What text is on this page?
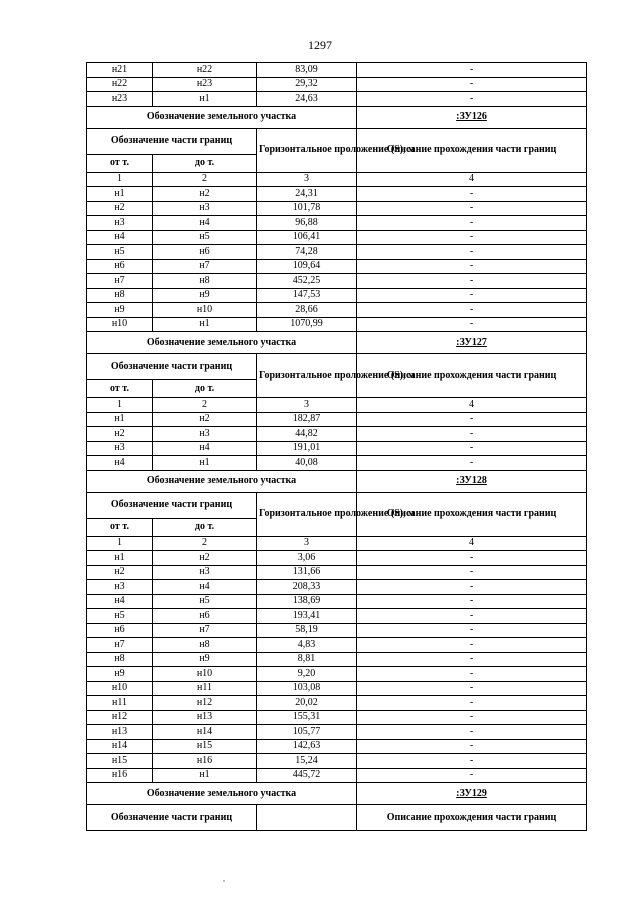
1297
н21	н22	83,09	-
н22	н23	29,32	-
н23	н1	24,63	-
Обозначение земельного участка			:ЗУ126
Обозначение части границ		Горизонтальное проложение (S), м	Описание прохождения части границ
от т.	до т.		
1	2	3	4
н1	н2	24,31	-
н2	н3	101,78	-
н3	н4	96,88	-
н4	н5	106,41	-
н5	н6	74,28	-
н6	н7	109,64	-
н7	н8	452,25	-
н8	н9	147,53	-
н9	н10	28,66	-
н10	н1	1070,99	-
Обозначение земельного участка			:ЗУ127
Обозначение части границ		Горизонтальное проложение (S), м	Описание прохождения части границ
от т.	до т.		
1	2	3	4
н1	н2	182,87	-
н2	н3	44,82	-
н3	н4	191,01	-
н4	н1	40,08	-
Обозначение земельного участка			:ЗУ128
Обозначение части границ		Горизонтальное проложение (S), м	Описание прохождения части границ
от т.	до т.		
1	2	3	4
н1	н2	3,06	-
н2	н3	131,66	-
н3	н4	208,33	-
н4	н5	138,69	-
н5	н6	193,41	-
н6	н7	58,19	-
н7	н8	4,83	-
н8	н9	8,81	-
н9	н10	9,20	-
н10	н11	103,08	-
н11	н12	20,02	-
н12	н13	155,31	-
н13	н14	105,77	-
н14	н15	142,63	-
н15	н16	15,24	-
н16	н1	445,72	-
Обозначение земельного участка			:ЗУ129
Обозначение части границ			Описание прохождения части границ
